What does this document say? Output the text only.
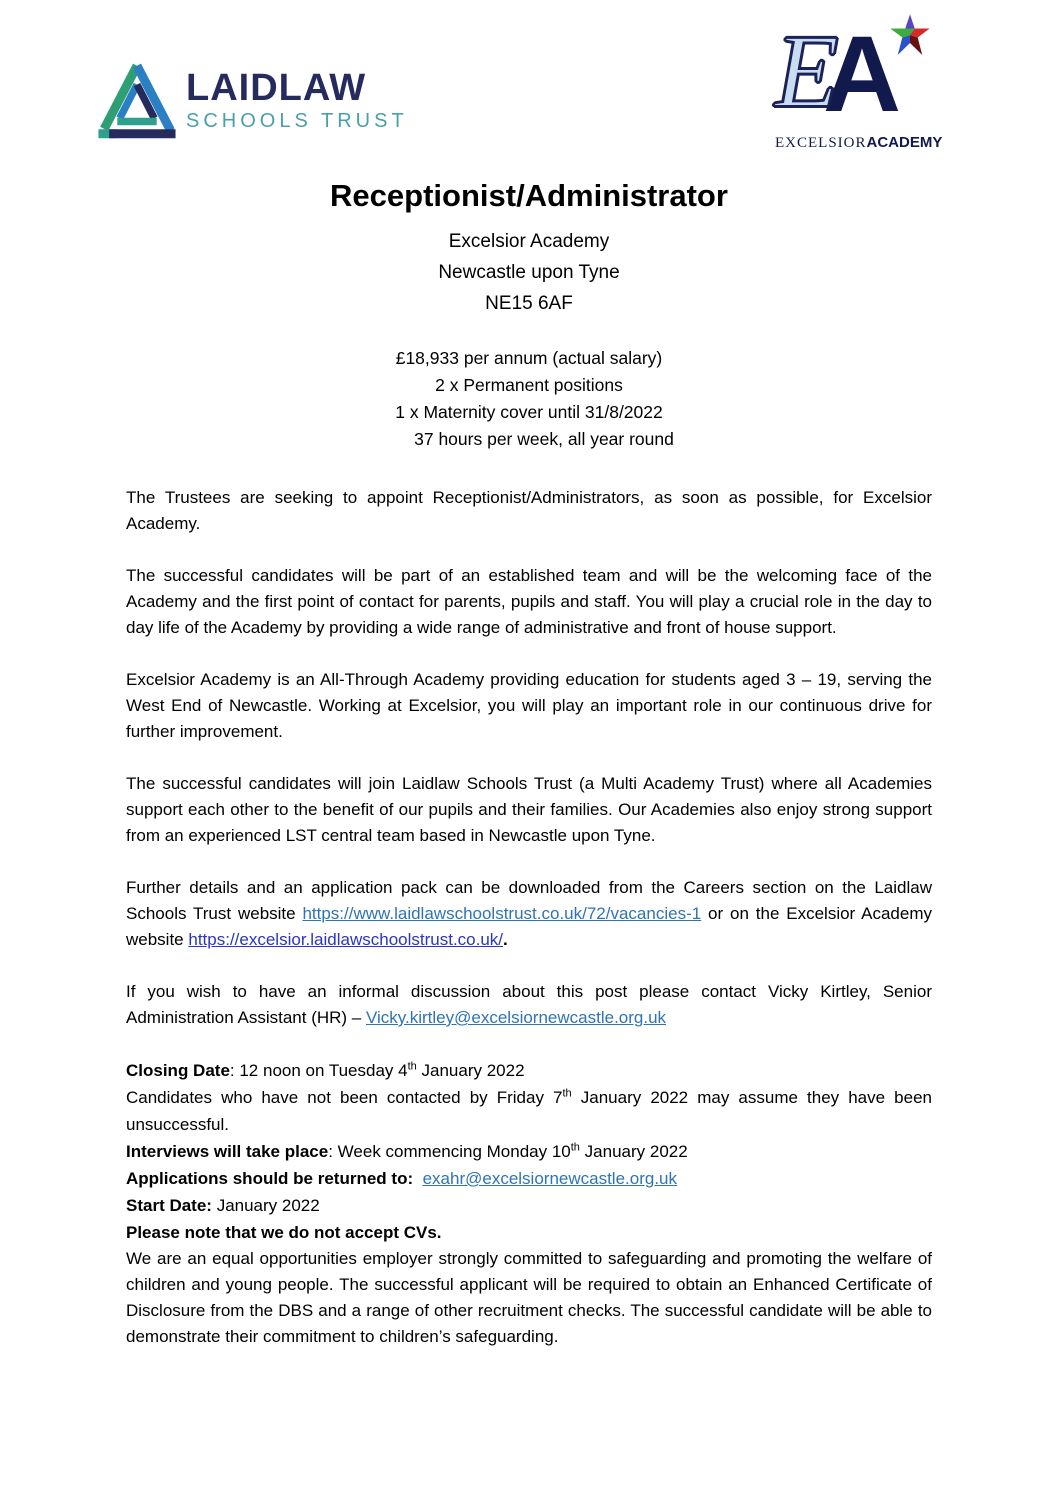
LAIDLAW
SCHOOLS TRUST	A
E
EXCELSIORACADEMY
Receptionist/Administrator
Excelsior Academy
Newcastle upon Tyne
NE15 6AF
£18,933 per annum (actual salary)
2 x Permanent positions
1 x Maternity cover until 31/8/2022
37 hours per week, all year round

The Trustees are seeking to appoint Receptionist/Administrators, as soon as possible, for Excelsior Academy.

The successful candidates will be part of an established team and will be the welcoming face of the Academy and the first point of contact for parents, pupils and staff. You will play a crucial role in the day to day life of the Academy by providing a wide range of administrative and front of house support.

Excelsior Academy is an All-Through Academy providing education for students aged 3 – 19, serving the West End of Newcastle. Working at Excelsior, you will play an important role in our continuous drive for further improvement.

The successful candidates will join Laidlaw Schools Trust (a Multi Academy Trust) where all Academies support each other to the benefit of our pupils and their families. Our Academies also enjoy strong support from an experienced LST central team based in Newcastle upon Tyne.

Further details and an application pack can be downloaded from the Careers section on the Laidlaw Schools Trust website https://www.laidlawschoolstrust.co.uk/72/vacancies-1 or on the Excelsior Academy website https://excelsior.laidlawschoolstrust.co.uk/.

If you wish to have an informal discussion about this post please contact Vicky Kirtley, Senior Administration Assistant (HR) – Vicky.kirtley@excelsiornewcastle.org.uk

Closing Date: 12 noon on Tuesday 4th January 2022
Candidates who have not been contacted by Friday 7th January 2022 may assume they have been unsuccessful.
Interviews will take place: Week commencing Monday 10th January 2022
Applications should be returned to: exahr@excelsiornewcastle.org.uk
Start Date: January 2022
Please note that we do not accept CVs.

We are an equal opportunities employer strongly committed to safeguarding and promoting the welfare of children and young people. The successful applicant will be required to obtain an Enhanced Certificate of Disclosure from the DBS and a range of other recruitment checks. The successful candidate will be able to demonstrate their commitment to children’s safeguarding.
